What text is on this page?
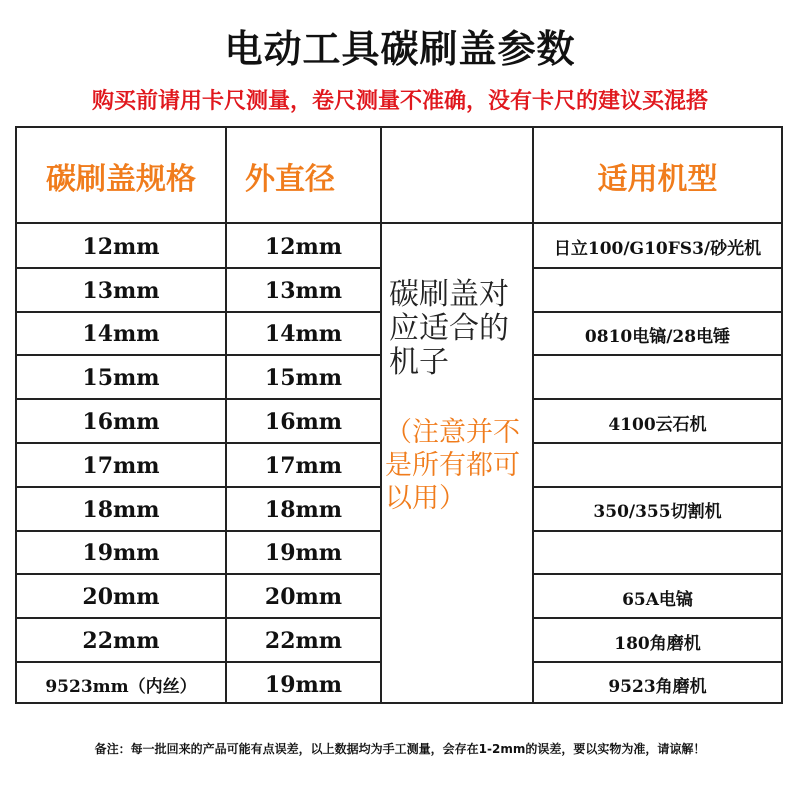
电动工具碳刷盖参数
购买前请用卡尺测量，卷尺测量不准确，没有卡尺的建议买混搭
碳刷盖规格	外直径	适用机型
碳刷盖对应适合的机子
（注意并不是所有都可以用）
12mm	12mm	日立100/G10FS3/砂光机
13mm	13mm
14mm	14mm	0810电镐/28电锤
15mm	15mm
16mm	16mm	4100云石机
17mm	17mm
18mm	18mm	350/355切割机
19mm	19mm
20mm	20mm	65A电镐
22mm	22mm	180角磨机
9523mm（内丝）	19mm	9523角磨机
备注：每一批回来的产品可能有点误差，以上数据均为手工测量，会存在1-2mm的误差，要以实物为准，请谅解！
